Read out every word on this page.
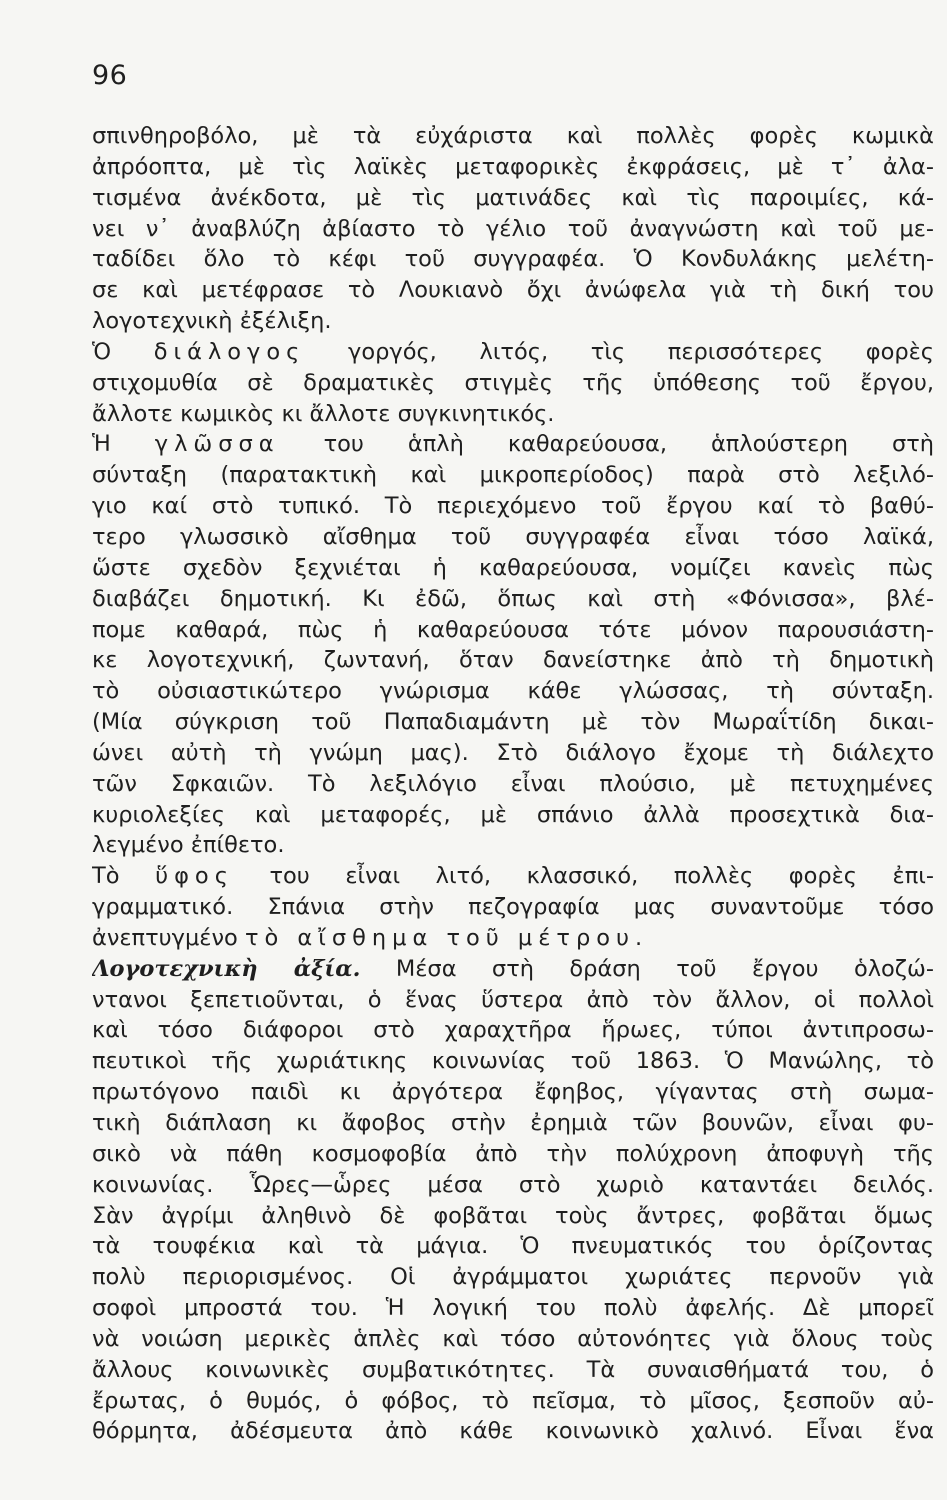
96
σπινθηροβόλο, μὲ τὰ εὐχάριστα καὶ πολλὲς φορὲς κωμικὰ
ἀπρόοπτα, μὲ τὶς λαϊκὲς μεταφορικὲς ἐκφράσεις, μὲ τ᾿ ἀλα-
τισμένα ἀνέκδοτα, μὲ τὶς ματινάδες καὶ τὶς παροιμίες, κά-
νει ν᾿ ἀναβλύζη ἀβίαστο τὸ γέλιο τοῦ ἀναγνώστη καὶ τοῦ με-
ταδίδει ὅλο τὸ κέφι τοῦ συγγραφέα. Ὁ Κονδυλάκης μελέτη-
σε καὶ μετέφρασε τὸ Λουκιανὸ ὄχι ἀνώφελα γιὰ τὴ δική του
λογοτεχνικὴ ἐξέλιξη.
Ὁ διάλογος γοργός, λιτός, τὶς περισσότερες φορὲς
στιχομυθία σὲ δραματικὲς στιγμὲς τῆς ὑπόθεσης τοῦ ἔργου,
ἄλλοτε κωμικὸς κι ἄλλοτε συγκινητικός.
Ἡ γλῶσσα του ἁπλὴ καθαρεύουσα, ἁπλούστερη στὴ
σύνταξη (παρατακτικὴ καὶ μικροπερίοδος) παρὰ στὸ λεξιλό-
γιο καί στὸ τυπικό. Τὸ περιεχόμενο τοῦ ἔργου καί τὸ βαθύ-
τερο γλωσσικὸ αἴσθημα τοῦ συγγραφέα εἶναι τόσο λαϊκά,
ὥστε σχεδὸν ξεχνιέται ἡ καθαρεύουσα, νομίζει κανεὶς πὼς
διαβάζει δημοτική. Κι ἐδῶ, ὅπως καὶ στὴ «Φόνισσα», βλέ-
πομε καθαρά, πὼς ἡ καθαρεύουσα τότε μόνον παρουσιάστη-
κε λογοτεχνική, ζωντανή, ὅταν δανείστηκε ἀπὸ τὴ δημοτικὴ
τὸ οὐσιαστικώτερο γνώρισμα κάθε γλώσσας, τὴ σύνταξη.
(Μία σύγκριση τοῦ Παπαδιαμάντη μὲ τὸν Μωραΐτίδη δικαι-
ώνει αὐτὴ τὴ γνώμη μας). Στὸ διάλογο ἔχομε τὴ διάλεχτο
τῶν Σφκαιῶν. Τὸ λεξιλόγιο εἶναι πλούσιο, μὲ πετυχημένες
κυριολεξίες καὶ μεταφορές, μὲ σπάνιο ἀλλὰ προσεχτικὰ δια-
λεγμένο ἐπίθετο.
Τὸ ὕφος του εἶναι λιτό, κλασσικό, πολλὲς φορὲς ἐπι-
γραμματικό. Σπάνια στὴν πεζογραφία μας συναντοῦμε τόσο
ἀνεπτυγμένο τὸ αἴσθημα τοῦ μέτρου.
Λογοτεχνικὴ ἀξία. Μέσα στὴ δράση τοῦ ἔργου ὁλοζώ-
ντανοι ξεπετιοῦνται, ὁ ἕνας ὕστερα ἀπὸ τὸν ἄλλον, οἱ πολλοὶ
καὶ τόσο διάφοροι στὸ χαραχτῆρα ἥρωες, τύποι ἀντιπροσω-
πευτικοὶ τῆς χωριάτικης κοινωνίας τοῦ 1863. Ὁ Μανώλης, τὸ
πρωτόγονο παιδὶ κι ἀργότερα ἔφηβος, γίγαντας στὴ σωμα-
τικὴ διάπλαση κι ἄφοβος στὴν ἐρημιὰ τῶν βουνῶν, εἶναι φυ-
σικὸ νὰ πάθη κοσμοφοβία ἀπὸ τὴν πολύχρονη ἀποφυγὴ τῆς
κοινωνίας. Ὧρες—ὧρες μέσα στὸ χωριὸ καταντάει δειλός.
Σὰν ἀγρίμι ἀληθινὸ δὲ φοβᾶται τοὺς ἄντρες, φοβᾶται ὅμως
τὰ τουφέκια καὶ τὰ μάγια. Ὁ πνευματικός του ὁρίζοντας
πολὺ περιορισμένος. Οἱ ἀγράμματοι χωριάτες περνοῦν γιὰ
σοφοὶ μπροστά του. Ἡ λογική του πολὺ ἀφελής. Δὲ μπορεῖ
νὰ νοιώση μερικὲς ἁπλὲς καὶ τόσο αὐτονόητες γιὰ ὅλους τοὺς
ἄλλους κοινωνικὲς συμβατικότητες. Τὰ συναισθήματά του, ὁ
ἔρωτας, ὁ θυμός, ὁ φόβος, τὸ πεῖσμα, τὸ μῖσος, ξεσποῦν αὐ-
θόρμητα, ἀδέσμευτα ἀπὸ κάθε κοινωνικὸ χαλινό. Εἶναι ἕνα
